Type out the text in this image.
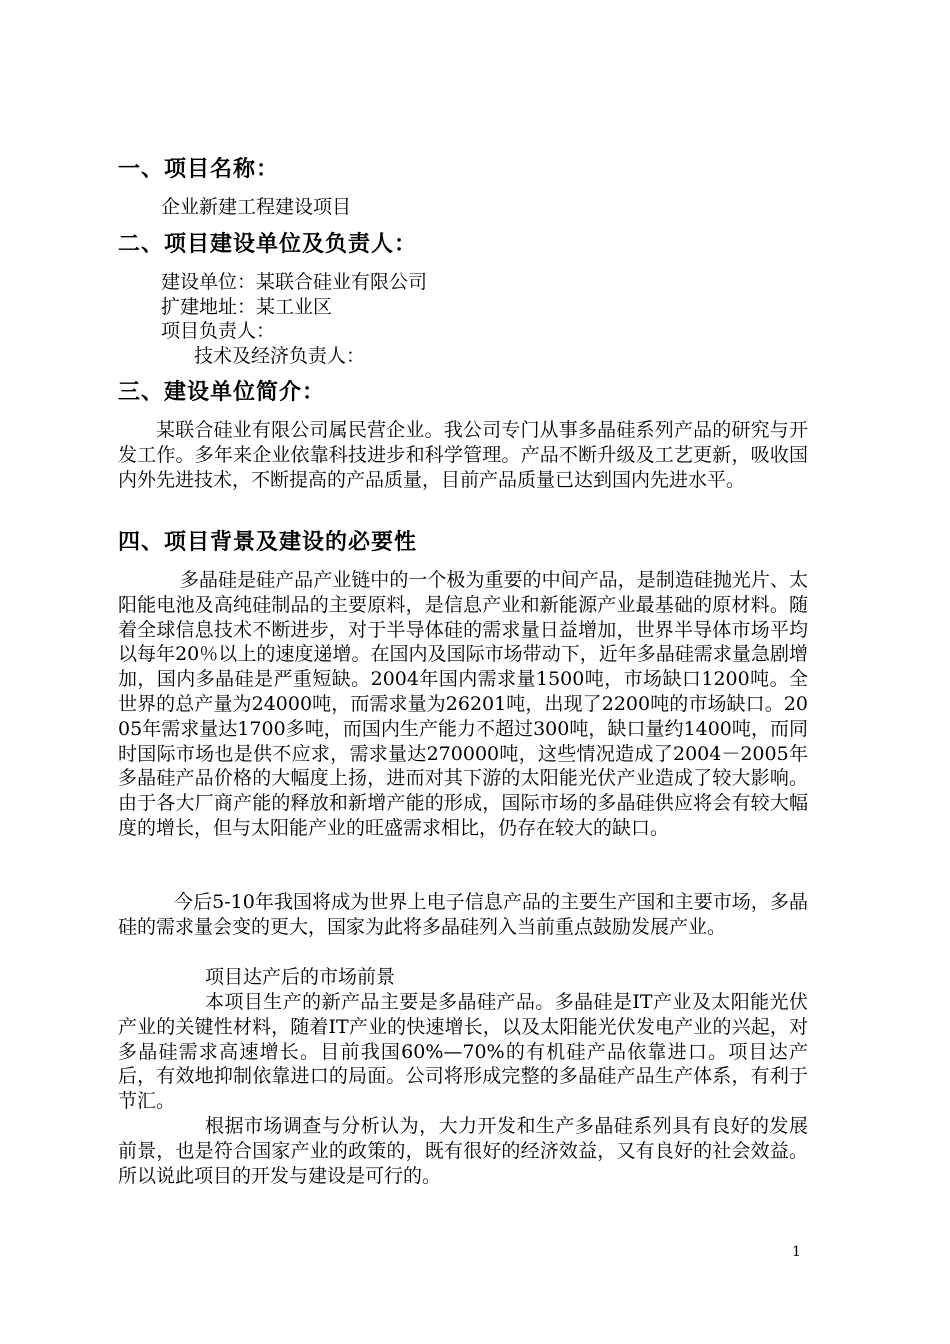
一、项目名称：
企业新建工程建设项目
二、项目建设单位及负责人：
建设单位：某联合硅业有限公司
扩建地址：某工业区
项目负责人：
技术及经济负责人：
三、建设单位简介：
某联合硅业有限公司属民营企业。我公司专门从事多晶硅系列产品的研究与开发工作。多年来企业依靠科技进步和科学管理。产品不断升级及工艺更新，吸收国内外先进技术，不断提高的产品质量，目前产品质量已达到国内先进水平。
四、项目背景及建设的必要性
多晶硅是硅产品产业链中的一个极为重要的中间产品，是制造硅抛光片、太阳能电池及高纯硅制品的主要原料，是信息产业和新能源产业最基础的原材料。随着全球信息技术不断进步，对于半导体硅的需求量日益增加，世界半导体市场平均以每年20％以上的速度递增。在国内及国际市场带动下，近年多晶硅需求量急剧增加，国内多晶硅是严重短缺。2004年国内需求量1500吨，市场缺口1200吨。全世界的总产量为24000吨，而需求量为26201吨，出现了2200吨的市场缺口。2005年需求量达1700多吨，而国内生产能力不超过300吨，缺口量约1400吨，而同时国际市场也是供不应求，需求量达270000吨，这些情况造成了2004－2005年多晶硅产品价格的大幅度上扬，进而对其下游的太阳能光伏产业造成了较大影响。由于各大厂商产能的释放和新增产能的形成，国际市场的多晶硅供应将会有较大幅度的增长，但与太阳能产业的旺盛需求相比，仍存在较大的缺口。
今后5-10年我国将成为世界上电子信息产品的主要生产国和主要市场，多晶硅的需求量会变的更大，国家为此将多晶硅列入当前重点鼓励发展产业。
项目达产后的市场前景
本项目生产的新产品主要是多晶硅产品。多晶硅是IT产业及太阳能光伏产业的关键性材料，随着IT产业的快速增长，以及太阳能光伏发电产业的兴起，对多晶硅需求高速增长。目前我国60%—70%的有机硅产品依靠进口。项目达产后，有效地抑制依靠进口的局面。公司将形成完整的多晶硅产品生产体系，有利于节汇。
根据市场调查与分析认为，大力开发和生产多晶硅系列具有良好的发展前景，也是符合国家产业的政策的，既有很好的经济效益，又有良好的社会效益。所以说此项目的开发与建设是可行的。
1
